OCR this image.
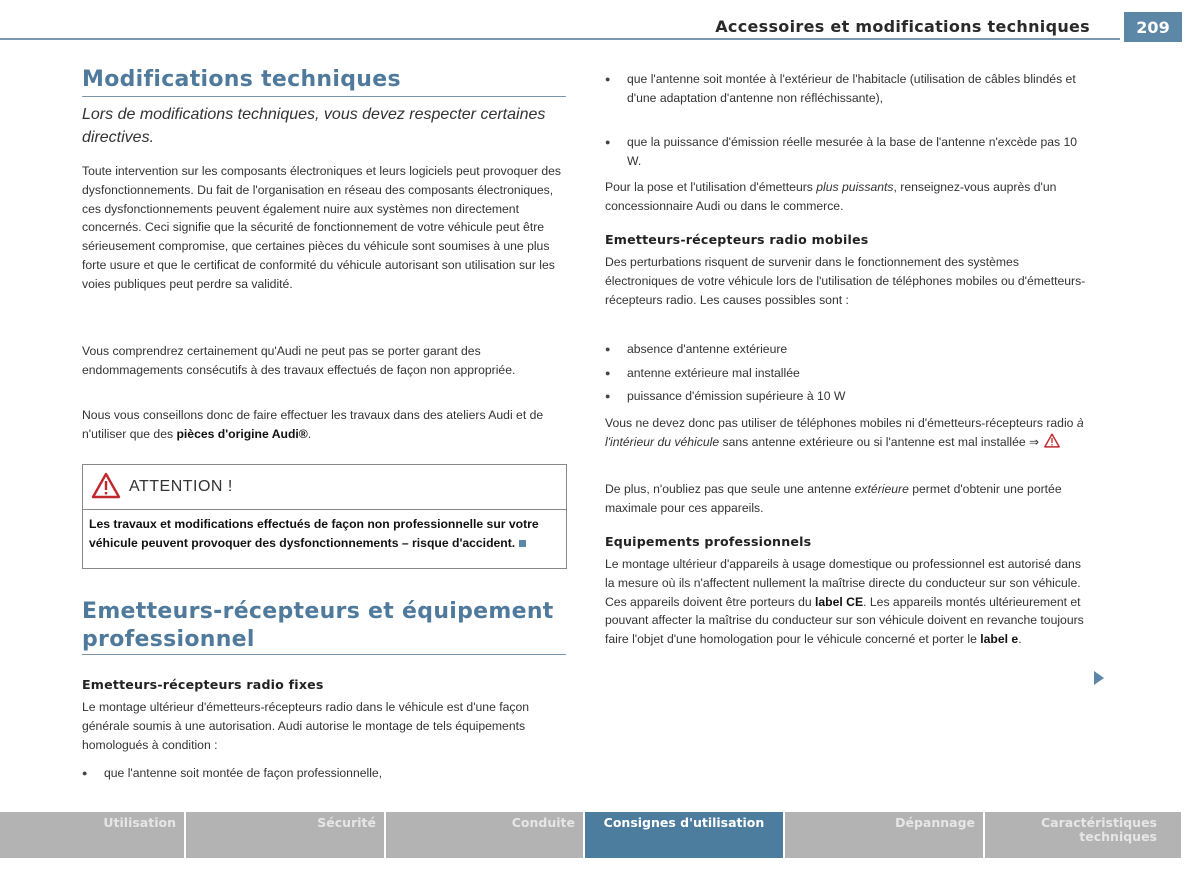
Accessoires et modifications techniques	209
Modifications techniques
Lors de modifications techniques, vous devez respecter certaines directives.
Toute intervention sur les composants électroniques et leurs logiciels peut provoquer des dysfonctionnements. Du fait de l'organisation en réseau des composants électroniques, ces dysfonctionnements peuvent également nuire aux systèmes non directement concernés. Ceci signifie que la sécurité de fonctionnement de votre véhicule peut être sérieusement compromise, que certaines pièces du véhicule sont soumises à une plus forte usure et que le certificat de conformité du véhicule autorisant son utilisation sur les voies publiques peut perdre sa validité.
Vous comprendrez certainement qu'Audi ne peut pas se porter garant des endommagements consécutifs à des travaux effectués de façon non appropriée.
Nous vous conseillons donc de faire effectuer les travaux dans des ateliers Audi et de n'utiliser que des pièces d'origine Audi®.
ATTENTION !
Les travaux et modifications effectués de façon non professionnelle sur votre véhicule peuvent provoquer des dysfonctionnements – risque d'accident.
Emetteurs-récepteurs et équipement professionnel
Emetteurs-récepteurs radio fixes
Le montage ultérieur d'émetteurs-récepteurs radio dans le véhicule est d'une façon générale soumis à une autorisation. Audi autorise le montage de tels équipements homologués à condition :
● que l'antenne soit montée de façon professionnelle,
● que l'antenne soit montée à l'extérieur de l'habitacle (utilisation de câbles blindés et d'une adaptation d'antenne non réfléchissante),
● que la puissance d'émission réelle mesurée à la base de l'antenne n'excède pas 10 W.
Pour la pose et l'utilisation d'émetteurs plus puissants, renseignez-vous auprès d'un concessionnaire Audi ou dans le commerce.
Emetteurs-récepteurs radio mobiles
Des perturbations risquent de survenir dans le fonctionnement des systèmes électroniques de votre véhicule lors de l'utilisation de téléphones mobiles ou d'émetteurs-récepteurs radio. Les causes possibles sont :
● absence d'antenne extérieure
● antenne extérieure mal installée
● puissance d'émission supérieure à 10 W
Vous ne devez donc pas utiliser de téléphones mobiles ni d'émetteurs-récepteurs radio à l'intérieur du véhicule sans antenne extérieure ou si l'antenne est mal installée ⇒
De plus, n'oubliez pas que seule une antenne extérieure permet d'obtenir une portée maximale pour ces appareils.
Equipements professionnels
Le montage ultérieur d'appareils à usage domestique ou professionnel est autorisé dans la mesure où ils n'affectent nullement la maîtrise directe du conducteur sur son véhicule. Ces appareils doivent être porteurs du label CE. Les appareils montés ultérieurement et pouvant affecter la maîtrise du conducteur sur son véhicule doivent en revanche toujours faire l'objet d'une homologation pour le véhicule concerné et porter le label e.
Utilisation	Sécurité	Conduite	Consignes d'utilisation	Dépannage	Caractéristiques techniques
